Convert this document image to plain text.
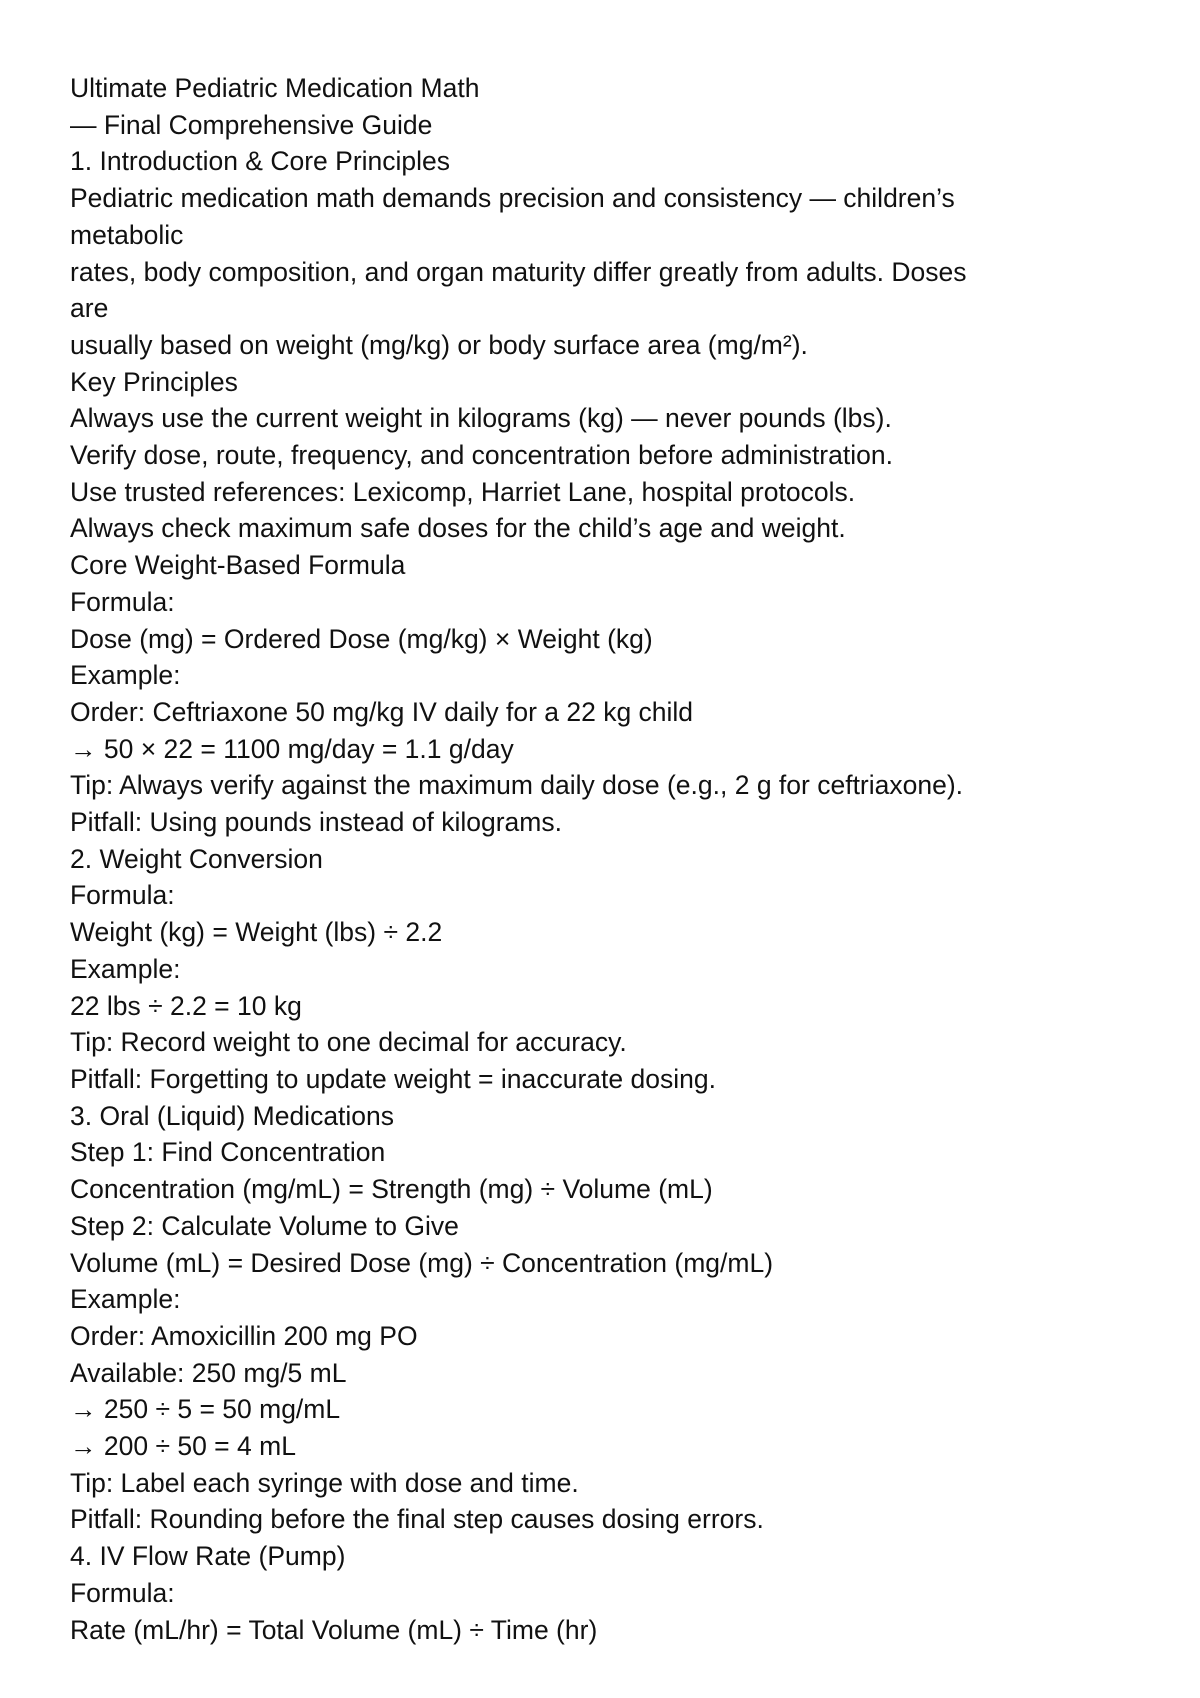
Ultimate Pediatric Medication Math
— Final Comprehensive Guide
1. Introduction & Core Principles
Pediatric medication math demands precision and consistency — children’s
metabolic
rates, body composition, and organ maturity differ greatly from adults. Doses
are
usually based on weight (mg/kg) or body surface area (mg/m²).
Key Principles
Always use the current weight in kilograms (kg) — never pounds (lbs).
Verify dose, route, frequency, and concentration before administration.
Use trusted references: Lexicomp, Harriet Lane, hospital protocols.
Always check maximum safe doses for the child’s age and weight.
Core Weight-Based Formula
Formula:
Dose (mg) = Ordered Dose (mg/kg) × Weight (kg)
Example:
Order: Ceftriaxone 50 mg/kg IV daily for a 22 kg child
→ 50 × 22 = 1100 mg/day = 1.1 g/day
Tip: Always verify against the maximum daily dose (e.g., 2 g for ceftriaxone).
Pitfall: Using pounds instead of kilograms.
2. Weight Conversion
Formula:
Weight (kg) = Weight (lbs) ÷ 2.2
Example:
22 lbs ÷ 2.2 = 10 kg
Tip: Record weight to one decimal for accuracy.
Pitfall: Forgetting to update weight = inaccurate dosing.
3. Oral (Liquid) Medications
Step 1: Find Concentration
Concentration (mg/mL) = Strength (mg) ÷ Volume (mL)
Step 2: Calculate Volume to Give
Volume (mL) = Desired Dose (mg) ÷ Concentration (mg/mL)
Example:
Order: Amoxicillin 200 mg PO
Available: 250 mg/5 mL
→ 250 ÷ 5 = 50 mg/mL
→ 200 ÷ 50 = 4 mL
Tip: Label each syringe with dose and time.
Pitfall: Rounding before the final step causes dosing errors.
4. IV Flow Rate (Pump)
Formula:
Rate (mL/hr) = Total Volume (mL) ÷ Time (hr)
